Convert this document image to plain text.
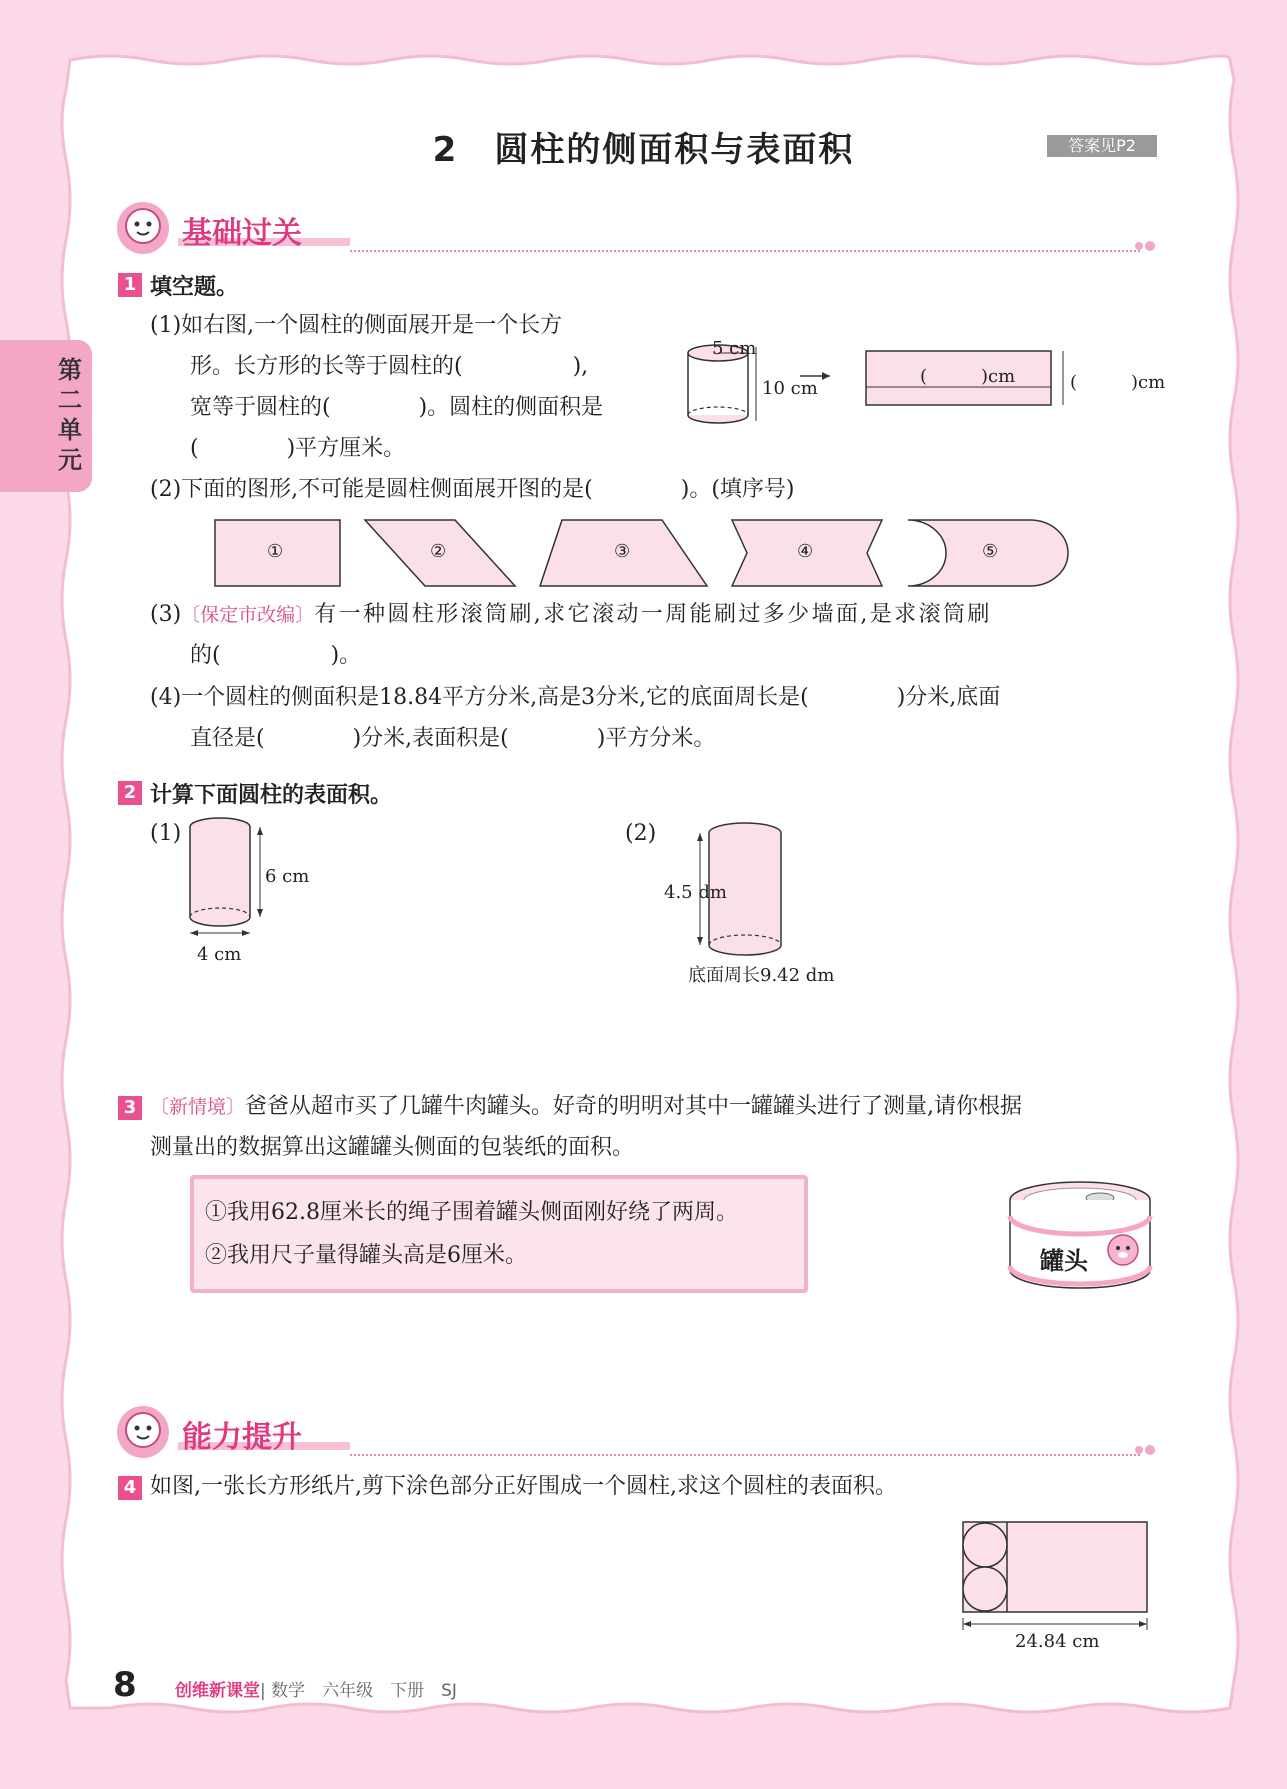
第
二
单
元
2　圆柱的侧面积与表面积	答案见P2
基础过关
1 填空题。
(1)如右图,一个圆柱的侧面展开是一个长方
形。长方形的长等于圆柱的(　　　　　),
宽等于圆柱的(　　　　)。圆柱的侧面积是
(　　　　)平方厘米。
5 cm
10 cm
(　　　)cm	(　　　)cm
(2)下面的图形,不可能是圆柱侧面展开图的是(　　　　)。(填序号)
①	②	③	④	⑤
(3)〔保定市改编〕有一种圆柱形滚筒刷,求它滚动一周能刷过多少墙面,是求滚筒刷
的(　　　　　)。
(4)一个圆柱的侧面积是18.84平方分米,高是3分米,它的底面周长是(　　　　)分米,底面
直径是(　　　　)分米,表面积是(　　　　)平方分米。
2 计算下面圆柱的表面积。
(1)
6 cm
4 cm
(2)
4.5 dm
底面周长9.42 dm
3 〔新情境〕爸爸从超市买了几罐牛肉罐头。好奇的明明对其中一罐罐头进行了测量,请你根据
测量出的数据算出这罐罐头侧面的包装纸的面积。
①我用62.8厘米长的绳子围着罐头侧面刚好绕了两周。
②我用尺子量得罐头高是6厘米。	罐头
能力提升
4 如图,一张长方形纸片,剪下涂色部分正好围成一个圆柱,求这个圆柱的表面积。
24.84 cm
8 创维新课堂| 数学　六年级　下册　SJ
